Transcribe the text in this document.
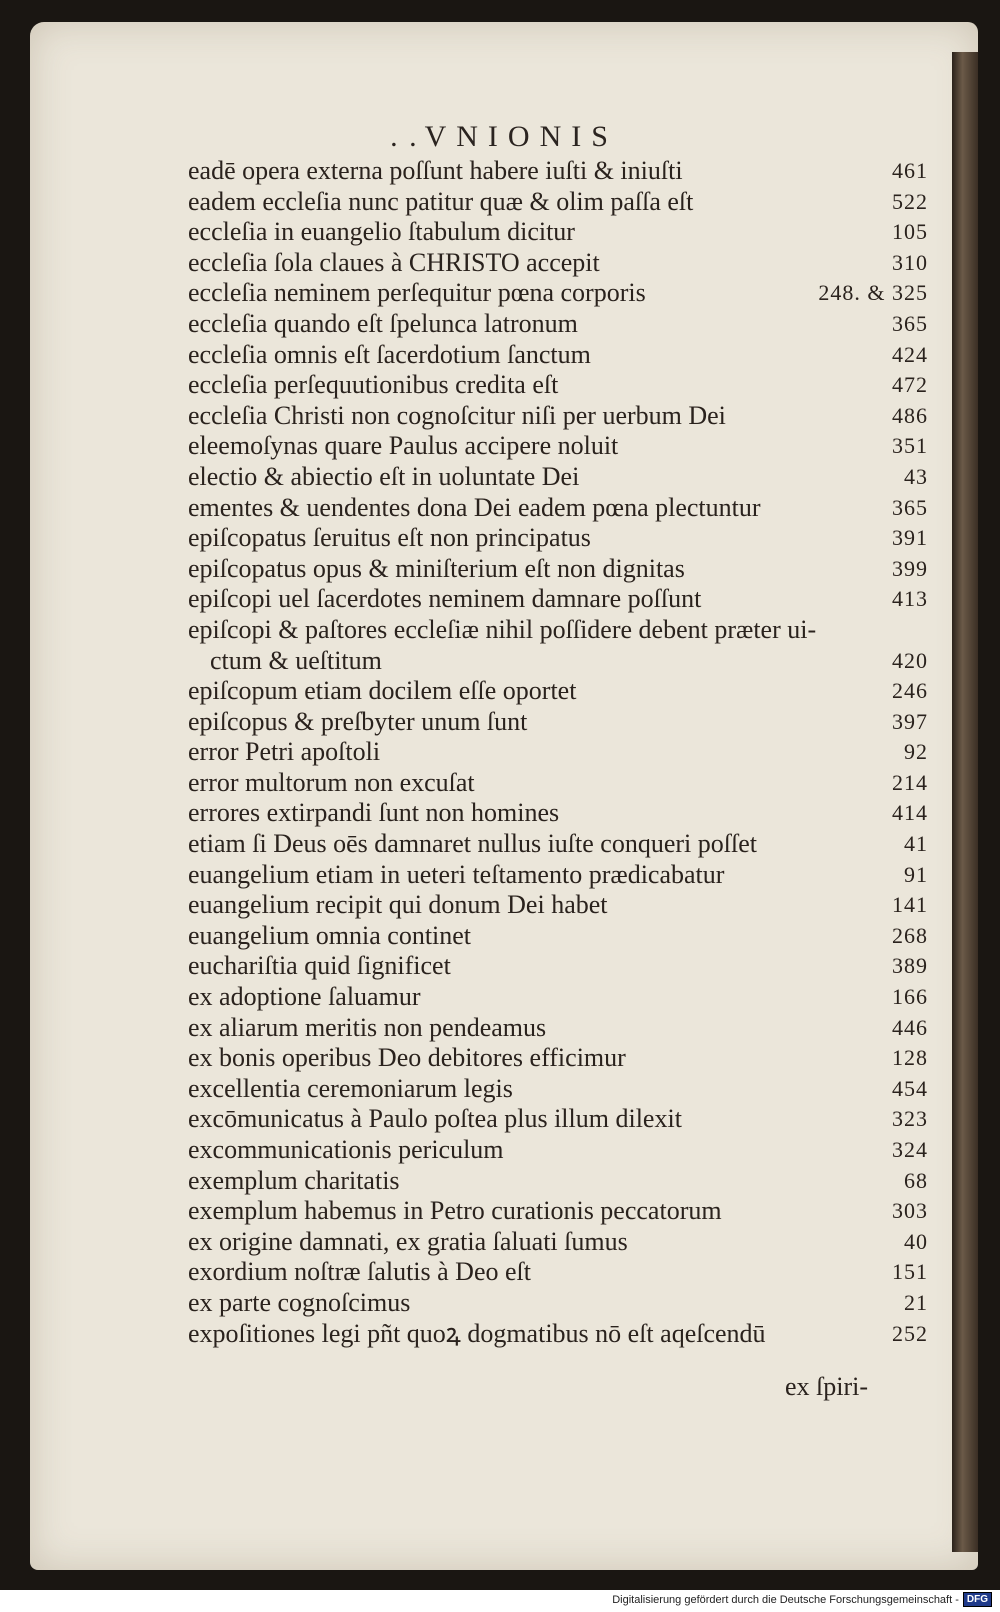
. . VNIONIS
eadē opera externa poſſunt habere iuſti & iniuſti	461
eadem eccleſia nunc patitur quæ & olim paſſa eſt	522
eccleſia in euangelio ſtabulum dicitur	105
eccleſia ſola claues à CHRISTO accepit	310
eccleſia neminem perſequitur pœna corporis	248. & 325
eccleſia quando eſt ſpelunca latronum	365
eccleſia omnis eſt ſacerdotium ſanctum	424
eccleſia perſequutionibus credita eſt	472
eccleſia Christi non cognoſcitur niſi per uerbum Dei	486
eleemoſynas quare Paulus accipere noluit	351
electio & abiectio eſt in uoluntate Dei	43
ementes & uendentes dona Dei eadem pœna plectuntur	365
epiſcopatus ſeruitus eſt non principatus	391
epiſcopatus opus & miniſterium eſt non dignitas	399
epiſcopi uel ſacerdotes neminem damnare poſſunt	413
epiſcopi & paſtores eccleſiæ nihil poſſidere debent præter ui-
ctum & ueſtitum	420
epiſcopum etiam docilem eſſe oportet	246
epiſcopus & preſbyter unum ſunt	397
error Petri apoſtoli	92
error multorum non excuſat	214
errores extirpandi ſunt non homines	414
etiam ſi Deus oēs damnaret nullus iuſte conqueri poſſet	41
euangelium etiam in ueteri teſtamento prædicabatur	91
euangelium recipit qui donum Dei habet	141
euangelium omnia continet	268
euchariſtia quid ſignificet	389
ex adoptione ſaluamur	166
ex aliarum meritis non pendeamus	446
ex bonis operibus Deo debitores efficimur	128
excellentia ceremoniarum legis	454
excōmunicatus à Paulo poſtea plus illum dilexit	323
excommunicationis periculum	324
exemplum charitatis	68
exemplum habemus in Petro curationis peccatorum	303
ex origine damnati, ex gratia ſaluati ſumus	40
exordium noſtræ ſalutis à Deo eſt	151
ex parte cognoſcimus	21
expoſitiones legi pñt quoꝝ dogmatibus nō eſt aqeſcendū	252
ex ſpiri-
Digitalisierung gefördert durch die Deutsche Forschungsgemeinschaft - DFG
